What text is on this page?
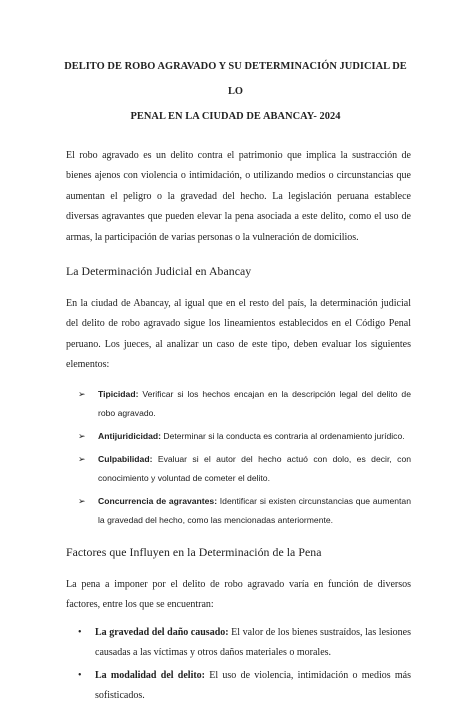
DELITO DE ROBO AGRAVADO Y SU DETERMINACIÓN JUDICIAL DE LO
PENAL EN LA CIUDAD DE ABANCAY- 2024

El robo agravado es un delito contra el patrimonio que implica la sustracción de bienes ajenos con violencia o intimidación, o utilizando medios o circunstancias que aumentan el peligro o la gravedad del hecho. La legislación peruana establece diversas agravantes que pueden elevar la pena asociada a este delito, como el uso de armas, la participación de varias personas o la vulneración de domicilios.

La Determinación Judicial en Abancay

En la ciudad de Abancay, al igual que en el resto del país, la determinación judicial del delito de robo agravado sigue los lineamientos establecidos en el Código Penal peruano. Los jueces, al analizar un caso de este tipo, deben evaluar los siguientes elementos:

➢ Tipicidad: Verificar si los hechos encajan en la descripción legal del delito de robo agravado.
➢ Antijuridicidad: Determinar si la conducta es contraria al ordenamiento jurídico.
➢ Culpabilidad: Evaluar si el autor del hecho actuó con dolo, es decir, con conocimiento y voluntad de cometer el delito.
➢ Concurrencia de agravantes: Identificar si existen circunstancias que aumentan la gravedad del hecho, como las mencionadas anteriormente.
Factores que Influyen en la Determinación de la Pena

La pena a imponer por el delito de robo agravado varía en función de diversos factores, entre los que se encuentran:

• La gravedad del daño causado: El valor de los bienes sustraídos, las lesiones causadas a las víctimas y otros daños materiales o morales.
• La modalidad del delito: El uso de violencia, intimidación o medios más sofisticados.
